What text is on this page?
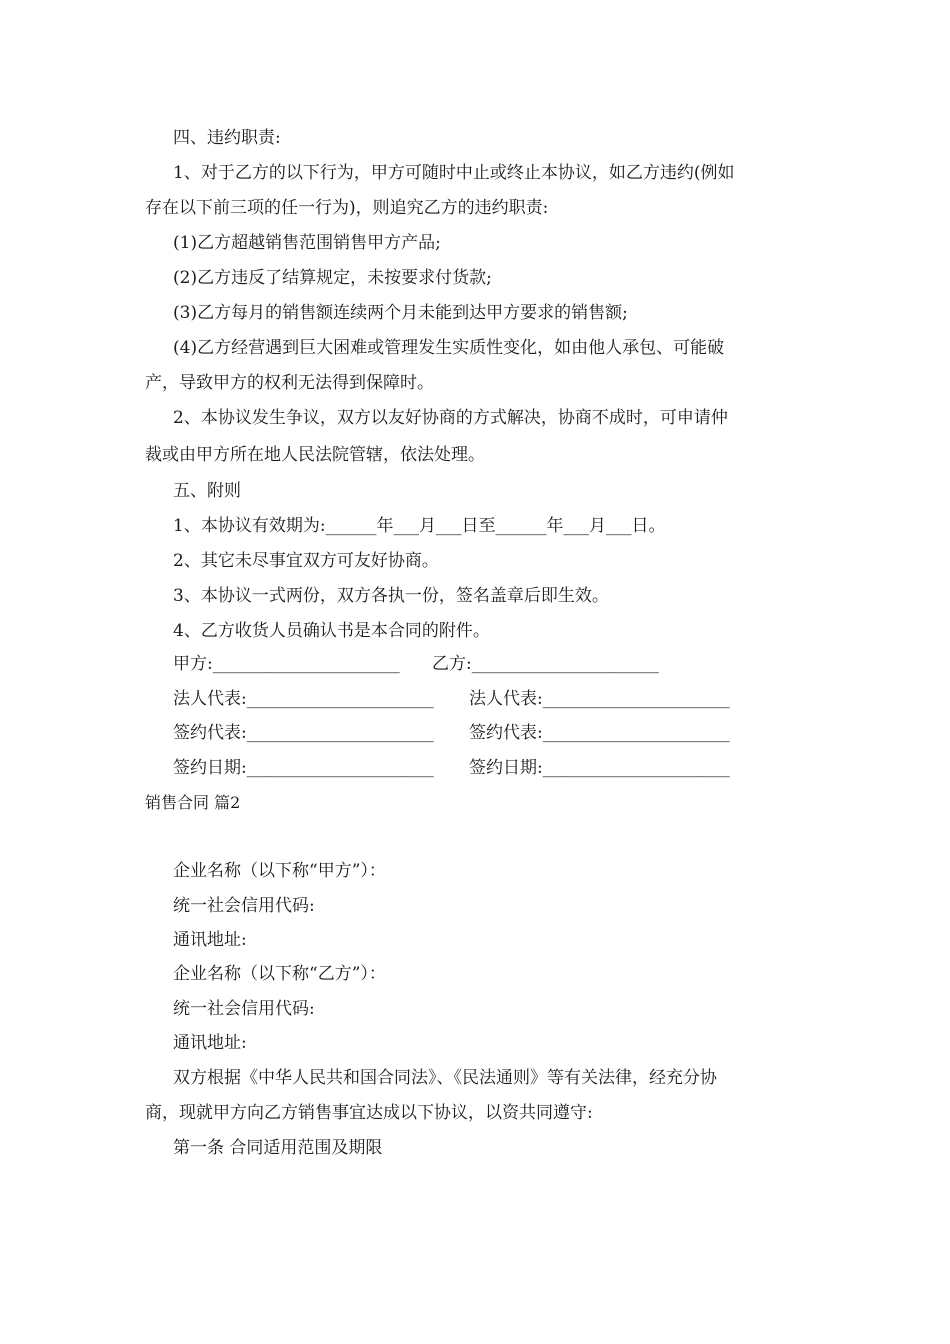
四、违约职责:

1、对于乙方的以下行为，甲方可随时中止或终止本协议，如乙方违约(例如

存在以下前三项的任一行为)，则追究乙方的违约职责:

(1)乙方超越销售范围销售甲方产品;

(2)乙方违反了结算规定，未按要求付货款;

(3)乙方每月的销售额连续两个月未能到达甲方要求的销售额;

(4)乙方经营遇到巨大困难或管理发生实质性变化，如由他人承包、可能破

产，导致甲方的权利无法得到保障时。

2、本协议发生争议，双方以友好协商的方式解决，协商不成时，可申请仲

裁或由甲方所在地人民法院管辖，依法处理。

五、附则

1、本协议有效期为:______年___月___日至______年___月___日。

2、其它未尽事宜双方可友好协商。

3、本协议一式两份，双方各执一份，签名盖章后即生效。

4、乙方收货人员确认书是本合同的附件。

甲方:______________________ 乙方:______________________
法人代表:______________________ 法人代表:______________________
签约代表:______________________ 签约代表:______________________
签约日期:______________________ 签约日期:______________________

销售合同 篇2

企业名称（以下称“甲方”）：

统一社会信用代码:

通讯地址:

企业名称（以下称“乙方”）：

统一社会信用代码:

通讯地址:

双方根据《中华人民共和国合同法》、《民法通则》等有关法律，经充分协

商，现就甲方向乙方销售事宜达成以下协议，以资共同遵守:

第一条 合同适用范围及期限
